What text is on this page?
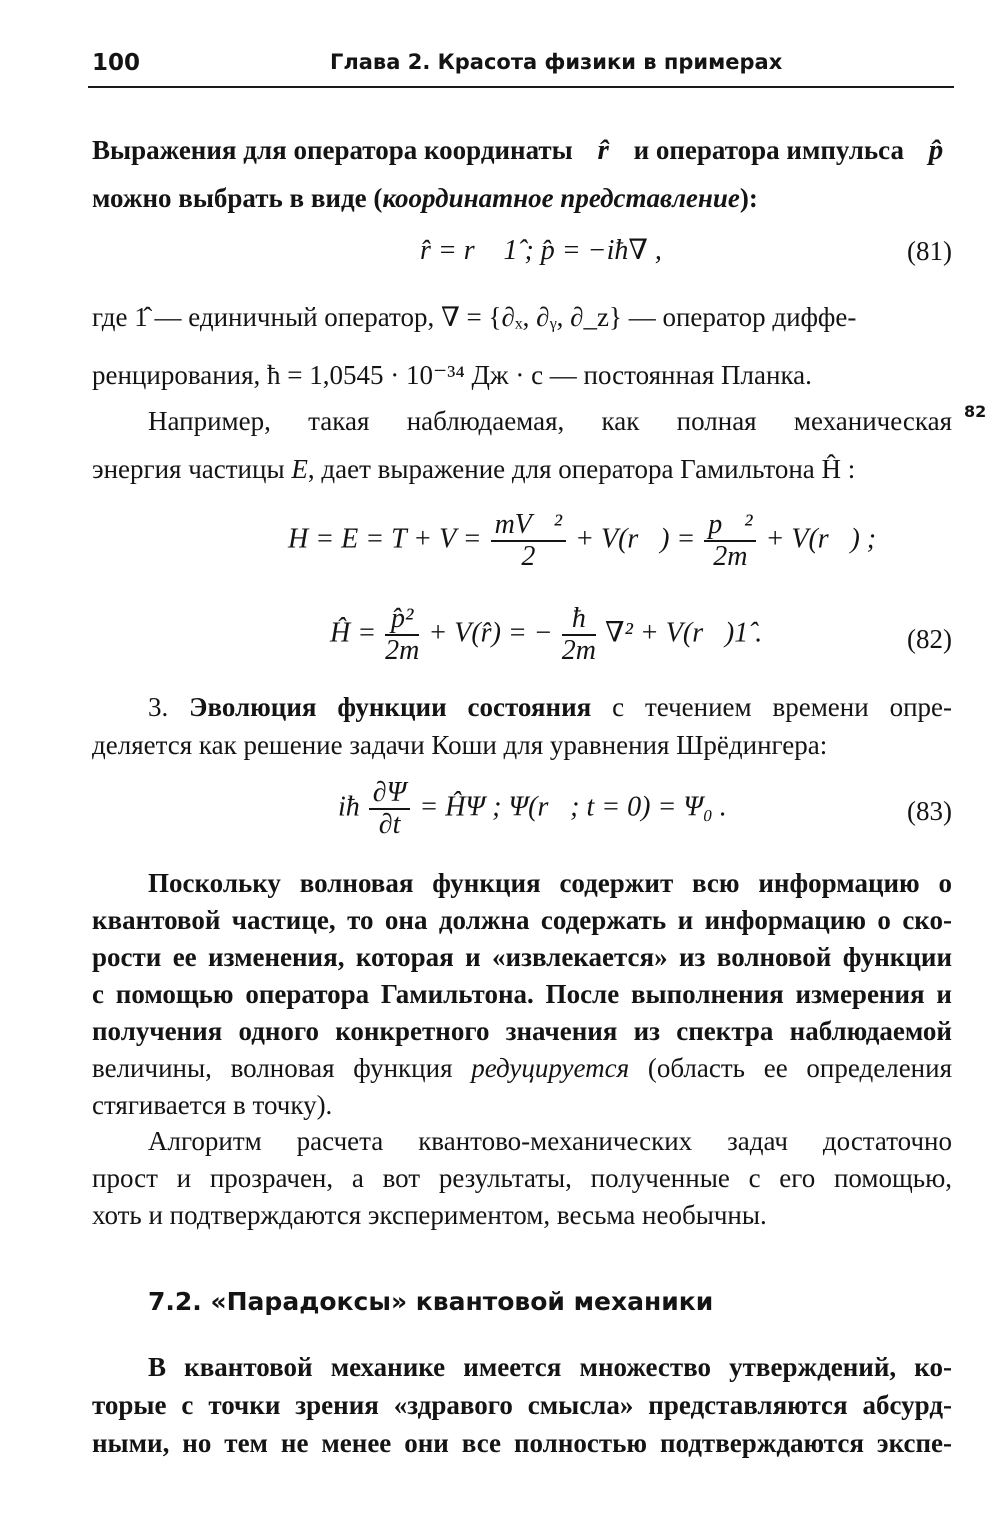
100	Глава 2. Красота физики в примерах
82
Выражения для оператора координаты r̂ и оператора импульса p̂
можно выбрать в виде (координатное представление):
r̂ = r⃗ 1̂ ; p̂ = −iħ∇ ,	(81)
где 1̂ — единичный оператор, ∇ = {∂ₓ, ∂ᵧ, ∂_z} — оператор диффе-
ренцирования, ħ = 1,0545 · 10⁻³⁴ Дж · с — постоянная Планка.
Например, такая наблюдаемая, как полная механическая
энергия частицы E, дает выражение для оператора Гамильтона Ĥ :
$H = E = T + V = \frac{\text{mV⃗²}}{2}$ + V(r⃗) = $\frac{\text{p⃗²}}{2m}$ + V(r⃗) ;
Ĥ = $\frac{\text{p̂²}}{2m}$ + V(r̂) = − $\frac{ħ}{2m} \nabla^2$ + V(r⃗)1̂ .	(82)
3. Эволюция функции состояния с течением времени опре-
деляется как решение задачи Коши для уравнения Шрёдингера:
iħ $\frac{\partial\Psi}{\partial t}$ = ĤΨ ; Ψ(r⃗; t = 0) = Ψ₀ .	(83)
Поскольку волновая функция содержит всю информацию о
квантовой частице, то она должна содержать и информацию о ско-
рости ее изменения, которая и «извлекается» из волновой функции
с помощью оператора Гамильтона. После выполнения измерения и
получения одного конкретного значения из спектра наблюдаемой
величины, волновая функция редуцируется (область ее определения
стягивается в точку).
Алгоритм расчета квантово-механических задач достаточно
прост и прозрачен, а вот результаты, полученные с его помощью,
хоть и подтверждаются экспериментом, весьма необычны.
7.2. «Парадоксы» квантовой механики
В квантовой механике имеется множество утверждений, ко-
торые с точки зрения «здравого смысла» представляются абсурд-
ными, но тем не менее они все полностью подтверждаются экспе-
